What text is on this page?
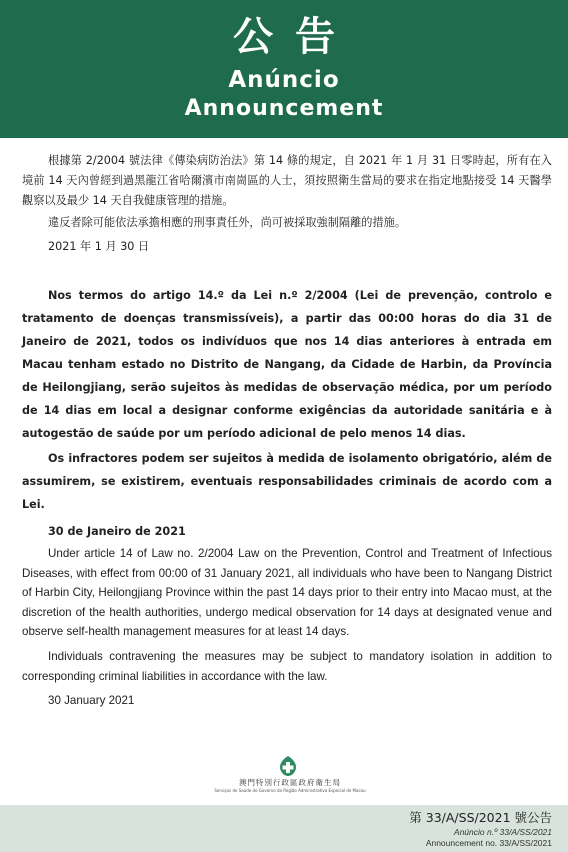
公告
Anúncio
Announcement

根據第 2/2004 號法律《傳染病防治法》第 14 條的規定，自 2021 年 1 月 31 日零時起，所有在入境前 14 天內曾經到過黑龍江省哈爾濱市南崗區的人士，須按照衛生當局的要求在指定地點接受 14 天醫學觀察以及最少 14 天自我健康管理的措施。

違反者除可能依法承擔相應的刑事責任外，尚可被採取強制隔離的措施。

2021 年 1 月 30 日

Nos termos do artigo 14.º da Lei n.º 2/2004 (Lei de prevenção, controlo e tratamento de doenças transmissíveis), a partir das 00:00 horas do dia 31 de Janeiro de 2021, todos os indivíduos que nos 14 dias anteriores à entrada em Macau tenham estado no Distrito de Nangang, da Cidade de Harbin, da Província de Heilongjiang, serão sujeitos às medidas de observação médica, por um período de 14 dias em local a designar conforme exigências da autoridade sanitária e à autogestão de saúde por um período adicional de pelo menos 14 dias.

Os infractores podem ser sujeitos à medida de isolamento obrigatório, além de assumirem, se existirem, eventuais responsabilidades criminais de acordo com a Lei.

30 de Janeiro de 2021

Under article 14 of Law no. 2/2004 Law on the Prevention, Control and Treatment of Infectious Diseases, with effect from 00:00 of 31 January 2021, all individuals who have been to Nangang District of Harbin City, Heilongjiang Province within the past 14 days prior to their entry into Macao must, at the discretion of the health authorities, undergo medical observation for 14 days at designated venue and observe self-health management measures for at least 14 days.

Individuals contravening the measures may be subject to mandatory isolation in addition to corresponding criminal liabilities in accordance with the law.

30 January 2021

澳門特別行政區政府衛生局
Serviços de Saúde do Governo da Região Administrativa Especial de Macau
第 33/A/SS/2021 號公告
Anúncio n.º 33/A/SS/2021
Announcement no. 33/A/SS/2021
